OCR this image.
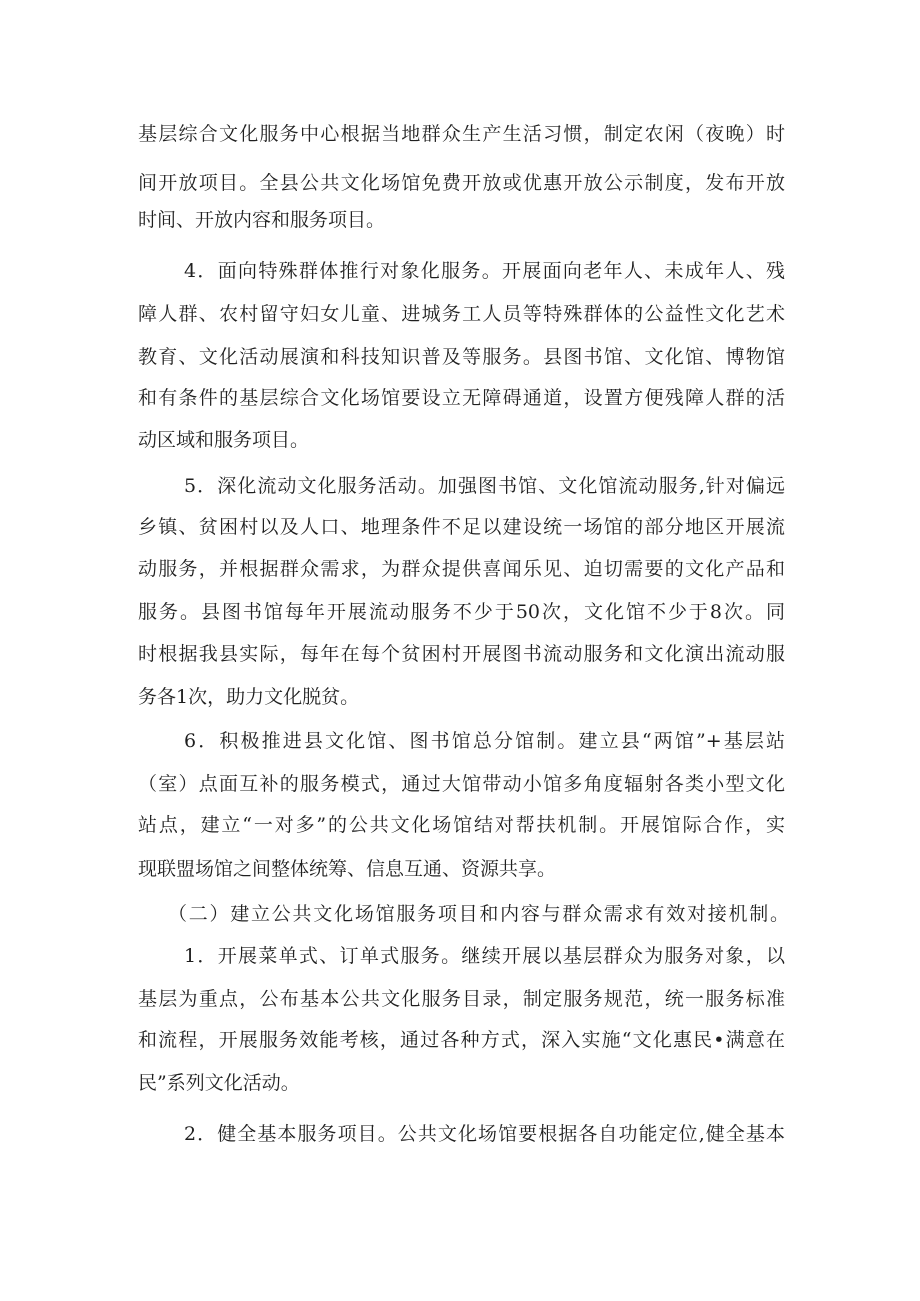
基层综合文化服务中心根据当地群众生产生活习惯，制定农闲（夜晚）时
间开放项目。全县公共文化场馆免费开放或优惠开放公示制度，发布开放
时间、开放内容和服务项目。
4．面向特殊群体推行对象化服务。开展面向老年人、未成年人、残
障人群、农村留守妇女儿童、进城务工人员等特殊群体的公益性文化艺术
教育、文化活动展演和科技知识普及等服务。县图书馆、文化馆、博物馆
和有条件的基层综合文化场馆要设立无障碍通道，设置方便残障人群的活
动区域和服务项目。
5．深化流动文化服务活动。加强图书馆、文化馆流动服务,针对偏远
乡镇、贫困村以及人口、地理条件不足以建设统一场馆的部分地区开展流
动服务，并根据群众需求，为群众提供喜闻乐见、迫切需要的文化产品和
服务。县图书馆每年开展流动服务不少于50次，文化馆不少于8次。同
时根据我县实际，每年在每个贫困村开展图书流动服务和文化演出流动服
务各1次，助力文化脱贫。
6．积极推进县文化馆、图书馆总分馆制。建立县“两馆”+基层站
（室）点面互补的服务模式，通过大馆带动小馆多角度辐射各类小型文化
站点，建立“一对多”的公共文化场馆结对帮扶机制。开展馆际合作，实
现联盟场馆之间整体统筹、信息互通、资源共享。
（二）建立公共文化场馆服务项目和内容与群众需求有效对接机制。
1．开展菜单式、订单式服务。继续开展以基层群众为服务对象，以
基层为重点，公布基本公共文化服务目录，制定服务规范，统一服务标准
和流程，开展服务效能考核，通过各种方式，深入实施“文化惠民•满意在
民”系列文化活动。
2．健全基本服务项目。公共文化场馆要根据各自功能定位,健全基本
